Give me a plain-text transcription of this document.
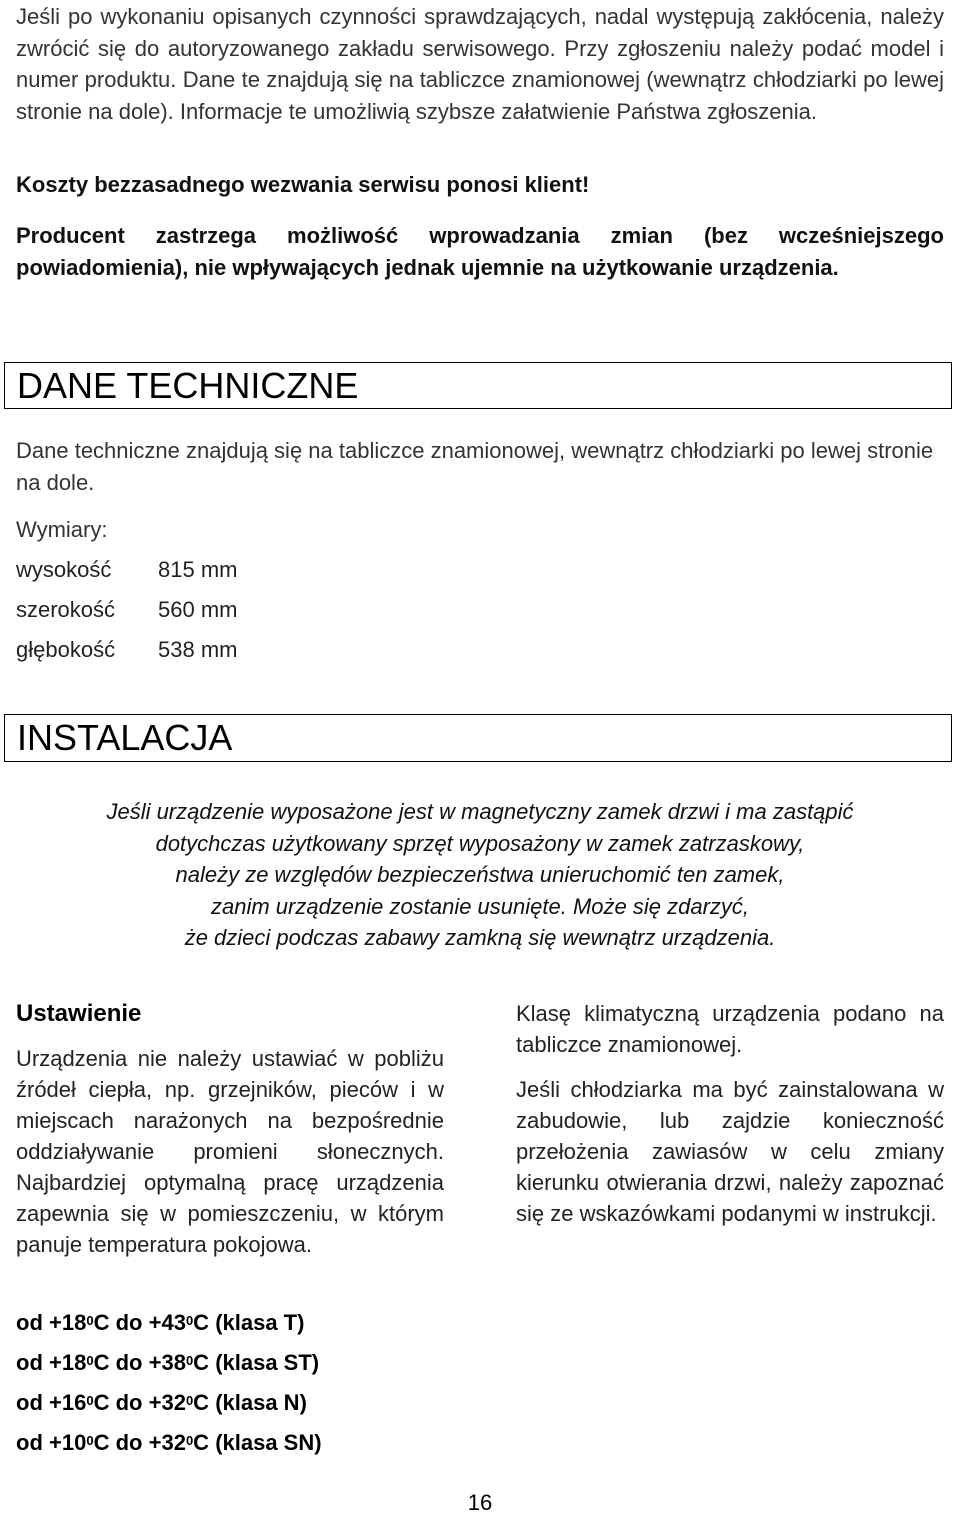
Jeśli po wykonaniu opisanych czynności sprawdzających, nadal występują zakłócenia, należy zwrócić się do autoryzowanego zakładu serwisowego. Przy zgłoszeniu należy podać model i numer produktu. Dane te znajdują się na tabliczce znamionowej (wewnątrz chłodziarki po lewej stronie na dole). Informacje te umożliwią szybsze załatwienie Państwa zgłoszenia.

Koszty bezzasadnego wezwania serwisu ponosi klient!

Producent zastrzega możliwość wprowadzania zmian (bez wcześniejszego powiadomienia), nie wpływających jednak ujemnie na użytkowanie urządzenia.

DANE TECHNICZNE

Dane techniczne znajdują się na tabliczce znamionowej, wewnątrz chłodziarki po lewej stronie na dole.

Wymiary:

wysokość	815 mm
szerokość	560 mm
głębokość	538 mm
INSTALACJA
Jeśli urządzenie wyposażone jest w magnetyczny zamek drzwi i ma zastąpić
dotychczas użytkowany sprzęt wyposażony w zamek zatrzaskowy,
należy ze względów bezpieczeństwa unieruchomić ten zamek,
zanim urządzenie zostanie usunięte. Może się zdarzyć,
że dzieci podczas zabawy zamkną się wewnątrz urządzenia.
Ustawienie

Urządzenia nie należy ustawiać w pobliżu źródeł ciepła, np. grzejników, pieców i w miejscach narażonych na bezpośrednie oddziaływanie promieni słonecznych. Najbardziej optymalną pracę urządzenia zapewnia się w pomieszczeniu, w którym panuje temperatura pokojowa.

od $+18^0C$ do $+43^0C$ (klasa T)
od $+18^0C$ do $+38^0C$ (klasa ST)
od $+16^0C$ do $+32^0C$ (klasa N)
od $+10^0C$ do $+32^0C$ (klasa SN)

Klasę klimatyczną urządzenia podano na tabliczce znamionowej.

Jeśli chłodziarka ma być zainstalowana w zabudowie, lub zajdzie konieczność przełożenia zawiasów w celu zmiany kierunku otwierania drzwi, należy zapoznać się ze wskazówkami podanymi w instrukcji.

16
